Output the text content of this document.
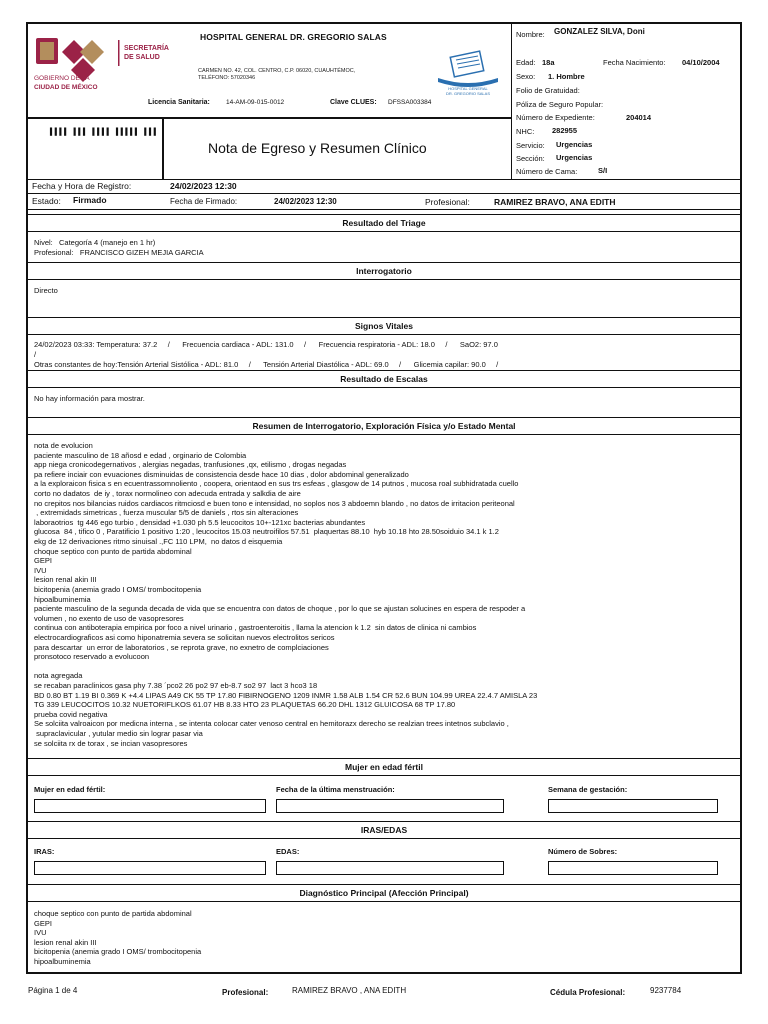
SECRETARÍA
DE SALUD
GOBIERNO DE LA
CIUDAD DE MÉXICO
HOSPITAL GENERAL DR. GREGORIO SALAS
CARMEN NO. 42, COL. CENTRO, C.P. 06020, CUAUHTÉMOC,
TELÉFONO: 57020346
HOSPITAL GENERAL
DR. GREGORIO SALAS
Licencia Sanitaria: 14-AM-09-015-0012	Clave CLUES: DFSSA003384
▌▌▌▌ ▌▌▌ ▌▌▌▌ ▌▌▌▌▌ ▌▌▌
Nota de Egreso y Resumen Clínico
Nombre: GONZALEZ SILVA, Doni
Edad: 18a	Fecha Nacimiento: 04/10/2004
Sexo: 1. Hombre
Folio de Gratuidad:
Póliza de Seguro Popular:
Número de Expediente:	204014
NHC: 282955
Servicio: Urgencias
Sección: Urgencias
Número de Cama:	S/I
Fecha y Hora de Registro:	24/02/2023 12:30
Estado: Firmado	Fecha de Firmado:	24/02/2023 12:30	Profesional:	RAMIREZ BRAVO, ANA EDITH
Resultado del Triage
Nivel:   Categoría 4 (manejo en 1 hr)
Profesional:   FRANCISCO GIZEH MEJIA GARCIA
Interrogatorio
Directo
Signos Vitales
24/02/2023 03:33: Temperatura: 37.2     /      Frecuencia cardiaca - ADL: 131.0     /      Frecuencia respiratoria - ADL: 18.0     /      SaO2: 97.0
/
Otras constantes de hoy:Tensión Arterial Sistólica - ADL: 81.0     /      Tensión Arterial Diastólica - ADL: 69.0     /      Glicemia capilar: 90.0     /
Resultado de Escalas
No hay información para mostrar.
Resumen de Interrogatorio, Exploración Física y/o Estado Mental
nota de evolucion
paciente masculino de 18 añosd e edad , orginario de Colombia
app niega cronicodegernativos , alergias negadas, tranfusiones ,qx, etilismo , drogas negadas
pa refiere inciair con evuaciones disminuidas de consistencia desde hace 10 dias , dolor abdominal generalizado
a la exploraicon fisica s en ecuentrassomnoliento , coopera, orientaod en sus trs esfeas , glasgow de 14 putnos , mucosa roal subhidratada cuello
corto no dadatos  de iy , torax normolineo con adecuda entrada y salkdia de aire
no crepitos nos bilancias ruidos cardiacos ritmciosd e buen tono e intensidad, no soplos nos 3 abdoemn blando , no datos de irritacion periteonal
, extremidads simetricas , fuerza muscular 5/5 de daniels , rtos sin alteraciones
laboraotrios  tg 446 ego turbio , densidad +1.030 ph 5.5 leucocitos 10+-121xc bacterias abundantes
glucosa  84 , tifico 0 , Paratificio 1 positivo 1:20 , leucocitos 15.03 neutroifilos 57.51  plaquertas 88.10  hyb 10.18 hto 28.50soiduio 34.1 k 1.2
ekg de 12 derivaciones ritmo sinuisal .,FC 110 LPM,  no datos d eisquemia
choque septico con punto de partida abdominal
GEPI
IVU
lesion renal akin III
bicitopenia (anemia grado I OMS/ trombocitopenia
hipoalbuminemia
paciente masculino de la segunda decada de vida que se encuentra con datos de choque , por lo que se ajustan solucines en espera de respoder a
volumen , no exento de uso de vasopresores
continua con antiboterapia empirica por foco a nivel urinario , gastroenteroitis , llama la atencion k 1.2  sin datos de clinica ni cambios
electrocardiograficos asi como hiponatremia severa se solicitan nuevos electrolitos sericos
para descartar  un error de laboratorios , se reprota grave, no exnetro de complciaciones
pronsotoco reservado a evolucoon
nota agregada
se recaban paraclinicos gasa phy 7.38 ´pco2 26 po2 97 eb-8.7 so2 97  lact 3 hco3 18
BD 0.80 BT 1.19 BI 0.369 K +4.4 LIPAS A49 CK 55 TP 17.80 FIBIRNOGENO 1209 INMR 1.58 ALB 1.54 CR 52.6 BUN 104.99 UREA 22.4.7 AMISLA 23
TG 339 LEUCOCITOS 10.32 NUETORIFLKOS 61.07 HB 8.33 HTO 23 PLAQUETAS 66.20 DHL 1312 GLUICOSA 68 TP 17.80
prueba covid negativa
Se solciita valroaicon por medicna interna , se intenta colocar cater venoso central en hemitorazx derecho se realzian trees intetnos subclavio ,
supraclavicular , yutular medio sin lograr pasar via
se solciita rx de torax , se incian vasopresores
Mujer en edad fértil
Mujer en edad fértil:	Fecha de la última menstruación:	Semana de gestación:
IRAS/EDAS
IRAS:	EDAS:	Número de Sobres:
Diagnóstico Principal (Afección Principal)
choque septico con punto de partida abdominal
GEPI
IVU
lesion renal akin III
bicitopenia (anemia grado I OMS/ trombocitopenia
hipoalbuminemia
Página 1 de 4	Profesional:	RAMIREZ BRAVO , ANA EDITH	Cédula Profesional:	9237784
